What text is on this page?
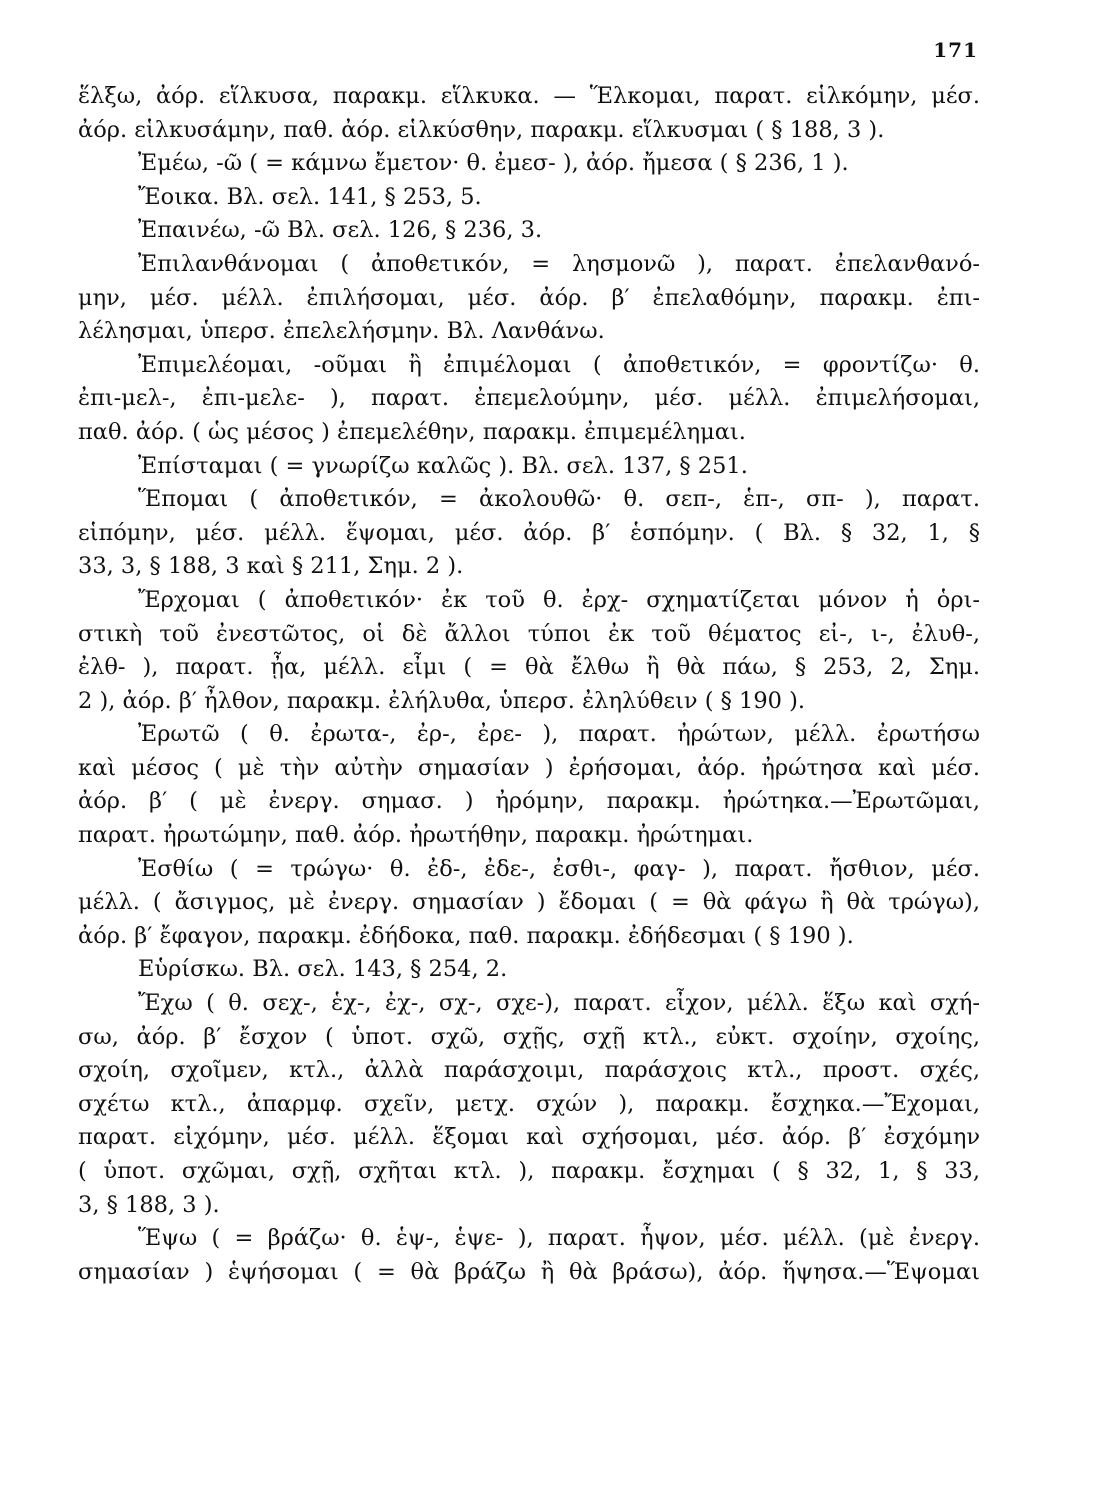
171
ἕλξω, ἀόρ. εἵλκυσα, παρακμ. εἵλκυκα. — Ἕλκομαι, παρατ. εἱλκόμην, μέσ.
ἀόρ. εἱλκυσάμην, παθ. ἀόρ. εἱλκύσθην, παρακμ. εἵλκυσμαι ( § 188, 3 ).
Ἐμέω, -ῶ ( = κάμνω ἔμετον· θ. ἐμεσ- ), ἀόρ. ἤμεσα ( § 236, 1 ).
Ἔοικα. Βλ. σελ. 141, § 253, 5.
Ἐπαινέω, -ῶ Βλ. σελ. 126, § 236, 3.
Ἐπιλανθάνομαι ( ἀποθετικόν, = λησμονῶ ), παρατ. ἐπελανθανό-
μην, μέσ. μέλλ. ἐπιλήσομαι, μέσ. ἀόρ. β′ ἐπελαθόμην, παρακμ. ἐπι-
λέλησμαι, ὑπερσ. ἐπελελήσμην. Βλ. Λανθάνω.
Ἐπιμελέομαι, -οῦμαι ἢ ἐπιμέλομαι ( ἀποθετικόν, = φροντίζω· θ.
ἐπι-μελ-, ἐπι-μελε- ), παρατ. ἐπεμελούμην, μέσ. μέλλ. ἐπιμελήσομαι,
παθ. ἀόρ. ( ὡς μέσος ) ἐπεμελέθην, παρακμ. ἐπιμεμέλημαι.
Ἐπίσταμαι ( = γνωρίζω καλῶς ). Βλ. σελ. 137, § 251.
Ἕπομαι ( ἀποθετικόν, = ἀκολουθῶ· θ. σεπ-, ἑπ-, σπ- ), παρατ.
εἱπόμην, μέσ. μέλλ. ἕψομαι, μέσ. ἀόρ. β′ ἑσπόμην. ( Βλ. § 32, 1, §
33, 3, § 188, 3 καὶ § 211, Σημ. 2 ).
Ἔρχομαι ( ἀποθετικόν· ἐκ τοῦ θ. ἐρχ- σχηματίζεται μόνον ἡ ὁρι-
στικὴ τοῦ ἐνεστῶτος, οἱ δὲ ἄλλοι τύποι ἐκ τοῦ θέματος εἰ-, ι-, ἐλυθ-,
ἐλθ- ), παρατ. ᾖα, μέλλ. εἶμι ( = θὰ ἔλθω ἢ θὰ πάω, § 253, 2, Σημ.
2 ), ἀόρ. β′ ἦλθον, παρακμ. ἐλήλυθα, ὑπερσ. ἐληλύθειν ( § 190 ).
Ἐρωτῶ ( θ. ἐρωτα-, ἐρ-, ἐρε- ), παρατ. ἠρώτων, μέλλ. ἐρωτήσω
καὶ μέσος ( μὲ τὴν αὐτὴν σημασίαν ) ἐρήσομαι, ἀόρ. ἠρώτησα καὶ μέσ.
ἀόρ. β′ ( μὲ ἐνεργ. σημασ. ) ἠρόμην, παρακμ. ἠρώτηκα.—Ἐρωτῶμαι,
παρατ. ἠρωτώμην, παθ. ἀόρ. ἠρωτήθην, παρακμ. ἠρώτημαι.
Ἐσθίω ( = τρώγω· θ. ἐδ-, ἐδε-, ἐσθι-, φαγ- ), παρατ. ἤσθιον, μέσ.
μέλλ. ( ἄσιγμος, μὲ ἐνεργ. σημασίαν ) ἔδομαι ( = θὰ φάγω ἢ θὰ τρώγω),
ἀόρ. β′ ἔφαγον, παρακμ. ἐδήδοκα, παθ. παρακμ. ἐδήδεσμαι ( § 190 ).
Εὑρίσκω. Βλ. σελ. 143, § 254, 2.
Ἔχω ( θ. σεχ-, ἑχ-, ἐχ-, σχ-, σχε-), παρατ. εἶχον, μέλλ. ἕξω καὶ σχή-
σω, ἀόρ. β′ ἔσχον ( ὑποτ. σχῶ, σχῇς, σχῇ κτλ., εὐκτ. σχοίην, σχοίης,
σχοίη, σχοῖμεν, κτλ., ἀλλὰ παράσχοιμι, παράσχοις κτλ., προστ. σχές,
σχέτω κτλ., ἀπαρμφ. σχεῖν, μετχ. σχών ), παρακμ. ἔσχηκα.—Ἔχομαι,
παρατ. εἰχόμην, μέσ. μέλλ. ἕξομαι καὶ σχήσομαι, μέσ. ἀόρ. β′ ἐσχόμην
( ὑποτ. σχῶμαι, σχῇ, σχῆται κτλ. ), παρακμ. ἔσχημαι ( § 32, 1, § 33,
3, § 188, 3 ).
Ἕψω ( = βράζω· θ. ἑψ-, ἑψε- ), παρατ. ἧψον, μέσ. μέλλ. (μὲ ἐνεργ.
σημασίαν ) ἑψήσομαι ( = θὰ βράζω ἢ θὰ βράσω), ἀόρ. ἥψησα.—Ἕψομαι
